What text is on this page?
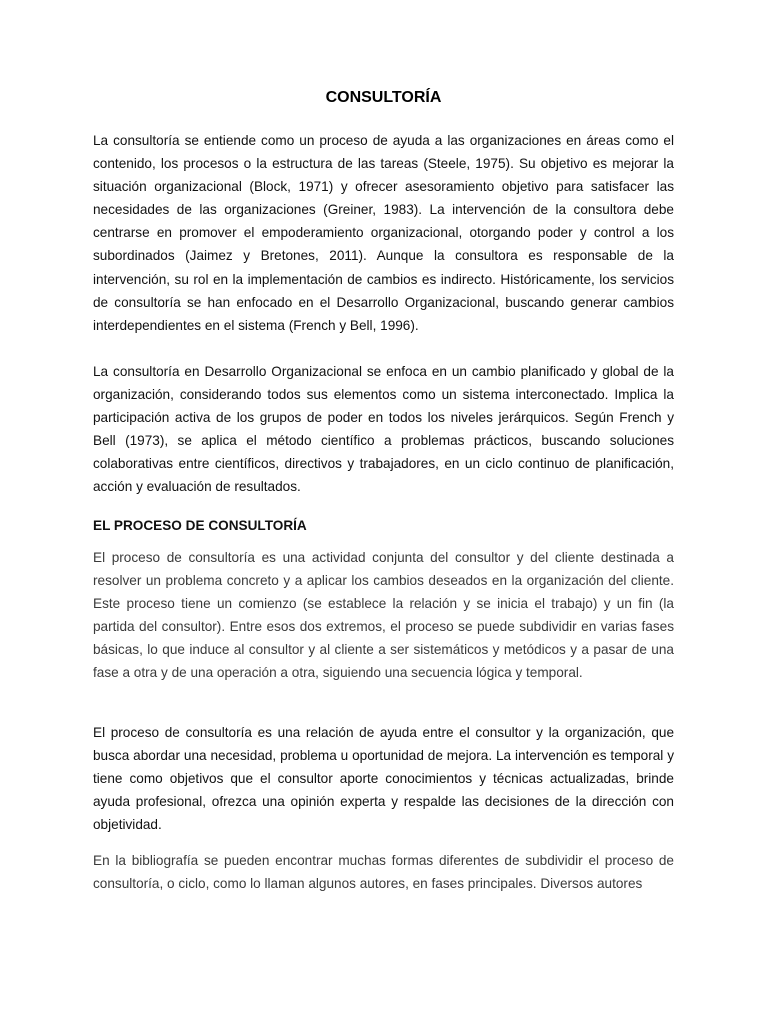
CONSULTORÍA

La consultoría se entiende como un proceso de ayuda a las organizaciones en áreas como el contenido, los procesos o la estructura de las tareas (Steele, 1975). Su objetivo es mejorar la situación organizacional (Block, 1971) y ofrecer asesoramiento objetivo para satisfacer las necesidades de las organizaciones (Greiner, 1983). La intervención de la consultora debe centrarse en promover el empoderamiento organizacional, otorgando poder y control a los subordinados (Jaimez y Bretones, 2011). Aunque la consultora es responsable de la intervención, su rol en la implementación de cambios es indirecto. Históricamente, los servicios de consultoría se han enfocado en el Desarrollo Organizacional, buscando generar cambios interdependientes en el sistema (French y Bell, 1996).

La consultoría en Desarrollo Organizacional se enfoca en un cambio planificado y global de la organización, considerando todos sus elementos como un sistema interconectado. Implica la participación activa de los grupos de poder en todos los niveles jerárquicos. Según French y Bell (1973), se aplica el método científico a problemas prácticos, buscando soluciones colaborativas entre científicos, directivos y trabajadores, en un ciclo continuo de planificación, acción y evaluación de resultados.

EL PROCESO DE CONSULTORÍA

El proceso de consultoría es una actividad conjunta del consultor y del cliente destinada a resolver un problema concreto y a aplicar los cambios deseados en la organización del cliente. Este proceso tiene un comienzo (se establece la relación y se inicia el trabajo) y un fin (la partida del consultor). Entre esos dos extremos, el proceso se puede subdividir en varias fases básicas, lo que induce al consultor y al cliente a ser sistemáticos y metódicos y a pasar de una fase a otra y de una operación a otra, siguiendo una secuencia lógica y temporal.

El proceso de consultoría es una relación de ayuda entre el consultor y la organización, que busca abordar una necesidad, problema u oportunidad de mejora. La intervención es temporal y tiene como objetivos que el consultor aporte conocimientos y técnicas actualizadas, brinde ayuda profesional, ofrezca una opinión experta y respalde las decisiones de la dirección con objetividad.

En la bibliografía se pueden encontrar muchas formas diferentes de subdividir el proceso de consultoría, o ciclo, como lo llaman algunos autores, en fases principales. Diversos autores
